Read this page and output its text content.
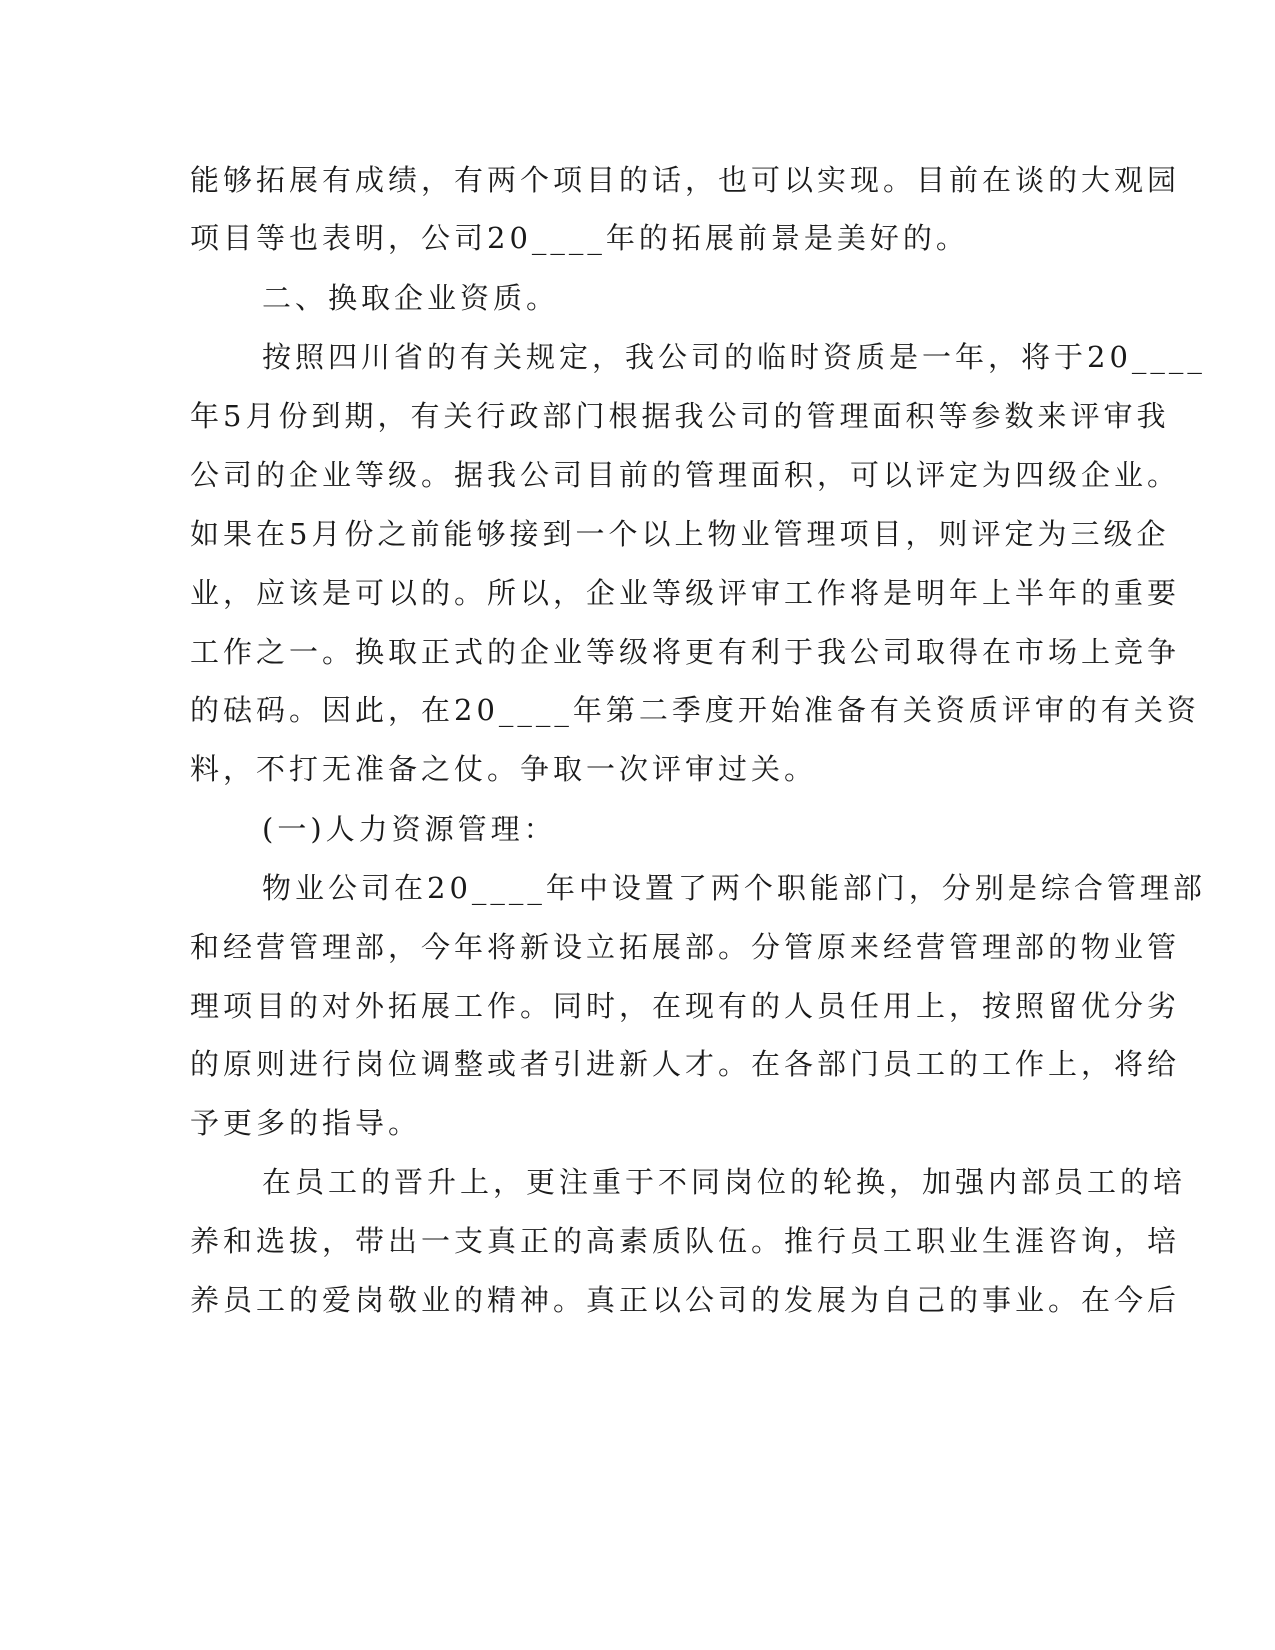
能够拓展有成绩，有两个项目的话，也可以实现。目前在谈的大观园
项目等也表明，公司20____年的拓展前景是美好的。
二、换取企业资质。
按照四川省的有关规定，我公司的临时资质是一年，将于20____
年5月份到期，有关行政部门根据我公司的管理面积等参数来评审我
公司的企业等级。据我公司目前的管理面积，可以评定为四级企业。
如果在5月份之前能够接到一个以上物业管理项目，则评定为三级企
业，应该是可以的。所以，企业等级评审工作将是明年上半年的重要
工作之一。换取正式的企业等级将更有利于我公司取得在市场上竞争
的砝码。因此，在20____年第二季度开始准备有关资质评审的有关资
料，不打无准备之仗。争取一次评审过关。
(一)人力资源管理：
物业公司在20____年中设置了两个职能部门，分别是综合管理部
和经营管理部，今年将新设立拓展部。分管原来经营管理部的物业管
理项目的对外拓展工作。同时，在现有的人员任用上，按照留优分劣
的原则进行岗位调整或者引进新人才。在各部门员工的工作上，将给
予更多的指导。
在员工的晋升上，更注重于不同岗位的轮换，加强内部员工的培
养和选拔，带出一支真正的高素质队伍。推行员工职业生涯咨询，培
养员工的爱岗敬业的精神。真正以公司的发展为自己的事业。在今后
